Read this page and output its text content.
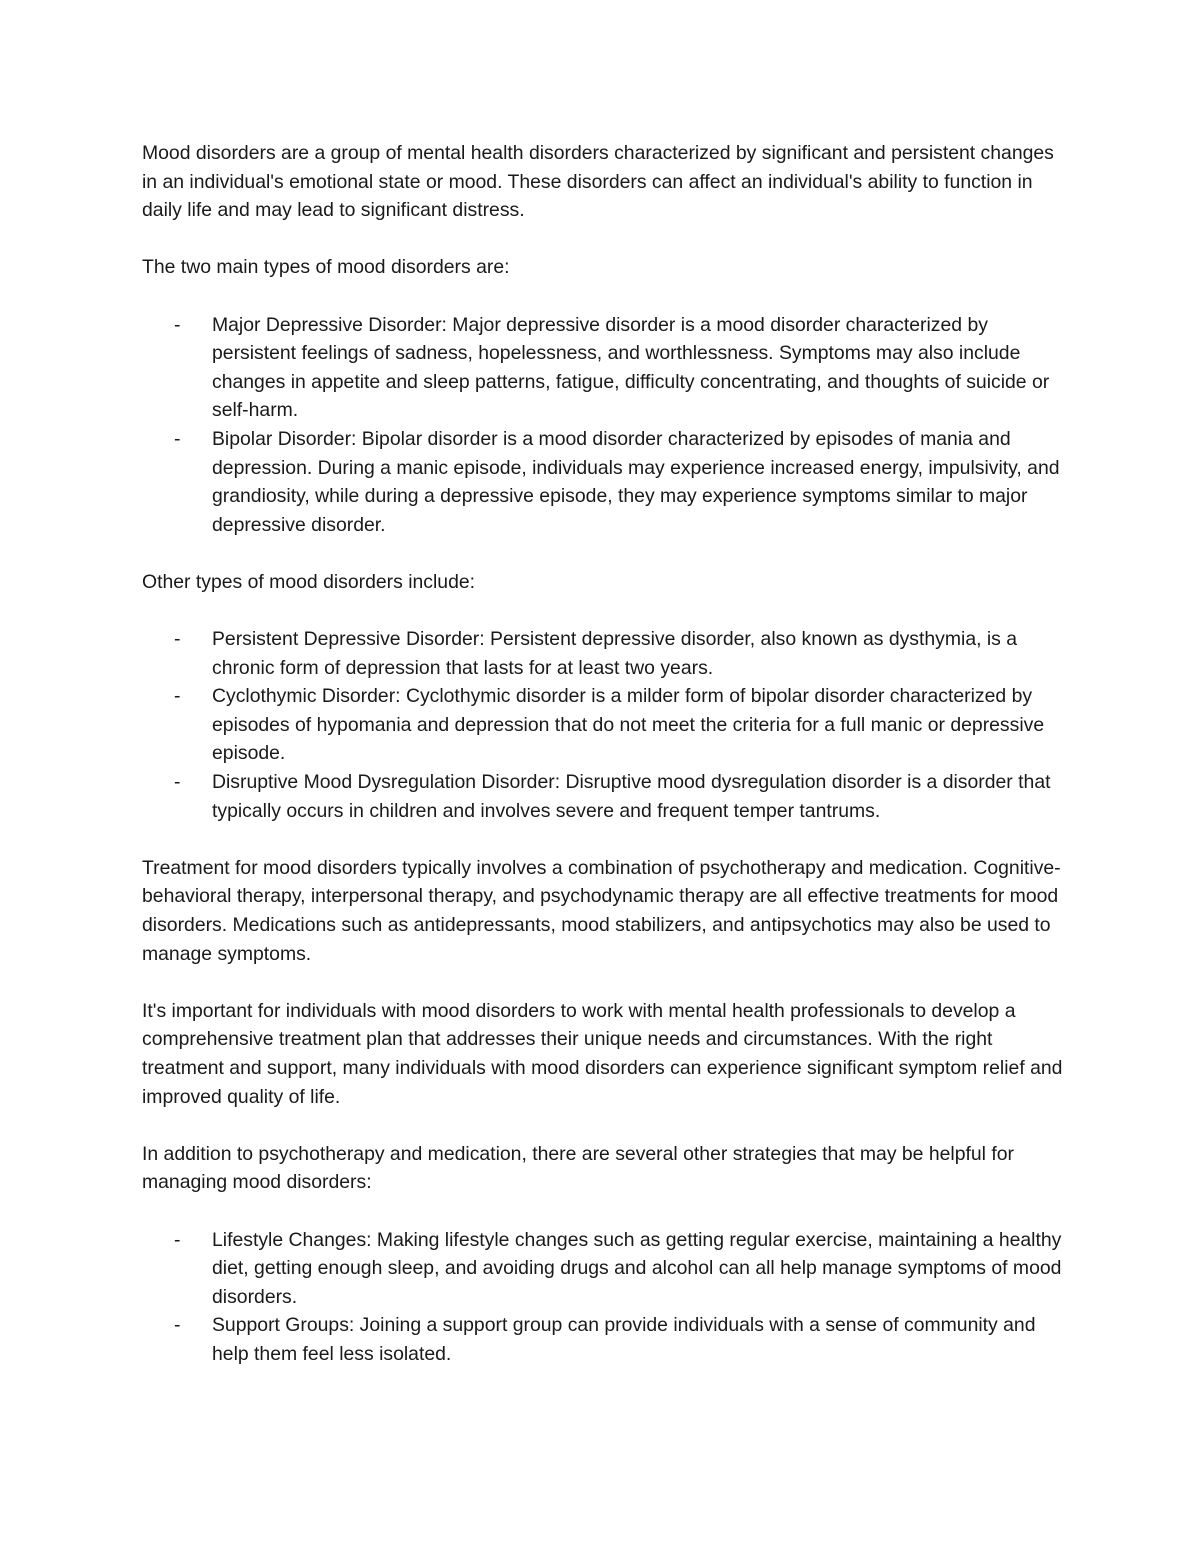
Mood disorders are a group of mental health disorders characterized by significant and persistent changes in an individual's emotional state or mood. These disorders can affect an individual's ability to function in daily life and may lead to significant distress.

The two main types of mood disorders are:

- Major Depressive Disorder: Major depressive disorder is a mood disorder characterized by persistent feelings of sadness, hopelessness, and worthlessness. Symptoms may also include changes in appetite and sleep patterns, fatigue, difficulty concentrating, and thoughts of suicide or self-harm.
- Bipolar Disorder: Bipolar disorder is a mood disorder characterized by episodes of mania and depression. During a manic episode, individuals may experience increased energy, impulsivity, and grandiosity, while during a depressive episode, they may experience symptoms similar to major depressive disorder.

Other types of mood disorders include:

- Persistent Depressive Disorder: Persistent depressive disorder, also known as dysthymia, is a chronic form of depression that lasts for at least two years.
- Cyclothymic Disorder: Cyclothymic disorder is a milder form of bipolar disorder characterized by episodes of hypomania and depression that do not meet the criteria for a full manic or depressive episode.
- Disruptive Mood Dysregulation Disorder: Disruptive mood dysregulation disorder is a disorder that typically occurs in children and involves severe and frequent temper tantrums.

Treatment for mood disorders typically involves a combination of psychotherapy and medication. Cognitive-behavioral therapy, interpersonal therapy, and psychodynamic therapy are all effective treatments for mood disorders. Medications such as antidepressants, mood stabilizers, and antipsychotics may also be used to manage symptoms.

It's important for individuals with mood disorders to work with mental health professionals to develop a comprehensive treatment plan that addresses their unique needs and circumstances. With the right treatment and support, many individuals with mood disorders can experience significant symptom relief and improved quality of life.

In addition to psychotherapy and medication, there are several other strategies that may be helpful for managing mood disorders:

- Lifestyle Changes: Making lifestyle changes such as getting regular exercise, maintaining a healthy diet, getting enough sleep, and avoiding drugs and alcohol can all help manage symptoms of mood disorders.
- Support Groups: Joining a support group can provide individuals with a sense of community and help them feel less isolated.
